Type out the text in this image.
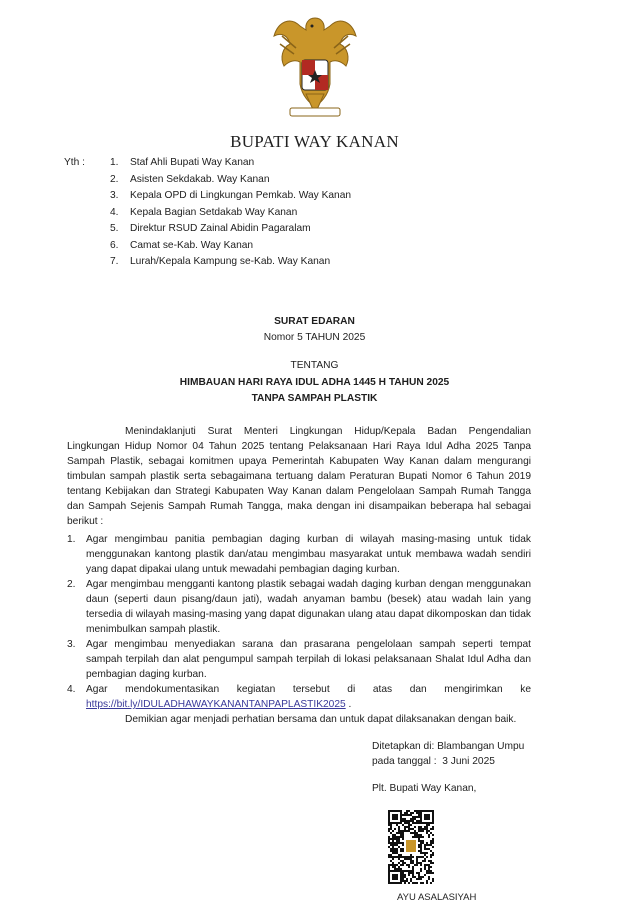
BUPATI WAY KANAN
Yth : 1. Staf Ahli Bupati Way Kanan
2. Asisten Sekdakab. Way Kanan
3. Kepala OPD di Lingkungan Pemkab. Way Kanan
4. Kepala Bagian Setdakab Way Kanan
5. Direktur RSUD Zainal Abidin Pagaralam
6. Camat se-Kab. Way Kanan
7. Lurah/Kepala Kampung se-Kab. Way Kanan
SURAT EDARAN
Nomor 5 TAHUN 2025
TENTANG
HIMBAUAN HARI RAYA IDUL ADHA 1445 H TAHUN 2025
TANPA SAMPAH PLASTIK

Menindaklanjuti Surat Menteri Lingkungan Hidup/Kepala Badan Pengendalian Lingkungan Hidup Nomor 04 Tahun 2025 tentang Pelaksanaan Hari Raya Idul Adha 2025 Tanpa Sampah Plastik, sebagai komitmen upaya Pemerintah Kabupaten Way Kanan dalam mengurangi timbulan sampah plastik serta sebagaimana tertuang dalam Peraturan Bupati Nomor 6 Tahun 2019 tentang Kebijakan dan Strategi Kabupaten Way Kanan dalam Pengelolaan Sampah Rumah Tangga dan Sampah Sejenis Sampah Rumah Tangga, maka dengan ini disampaikan beberapa hal sebagai berikut :

1. Agar mengimbau panitia pembagian daging kurban di wilayah masing-masing untuk tidak menggunakan kantong plastik dan/atau mengimbau masyarakat untuk membawa wadah sendiri yang dapat dipakai ulang untuk mewadahi pembagian daging kurban.
2. Agar mengimbau mengganti kantong plastik sebagai wadah daging kurban dengan menggunakan daun (seperti daun pisang/daun jati), wadah anyaman bambu (besek) atau wadah lain yang tersedia di wilayah masing-masing yang dapat digunakan ulang atau dapat dikomposkan dan tidak menimbulkan sampah plastik.
3. Agar mengimbau menyediakan sarana dan prasarana pengelolaan sampah seperti tempat sampah terpilah dan alat pengumpul sampah terpilah di lokasi pelaksanaan Shalat Idul Adha dan pembagian daging kurban.
4. Agar mendokumentasikan kegiatan tersebut di atas dan mengirimkan ke
https://bit.ly/IDULADHAWAYKANANTANPAPLASTIK2025 .

Demikian agar menjadi perhatian bersama dan untuk dapat dilaksanakan dengan baik.

Ditetapkan di: Blambangan Umpu
pada tanggal :  3 Juni 2025
Plt. Bupati Way Kanan,
AYU ASALASIYAH
